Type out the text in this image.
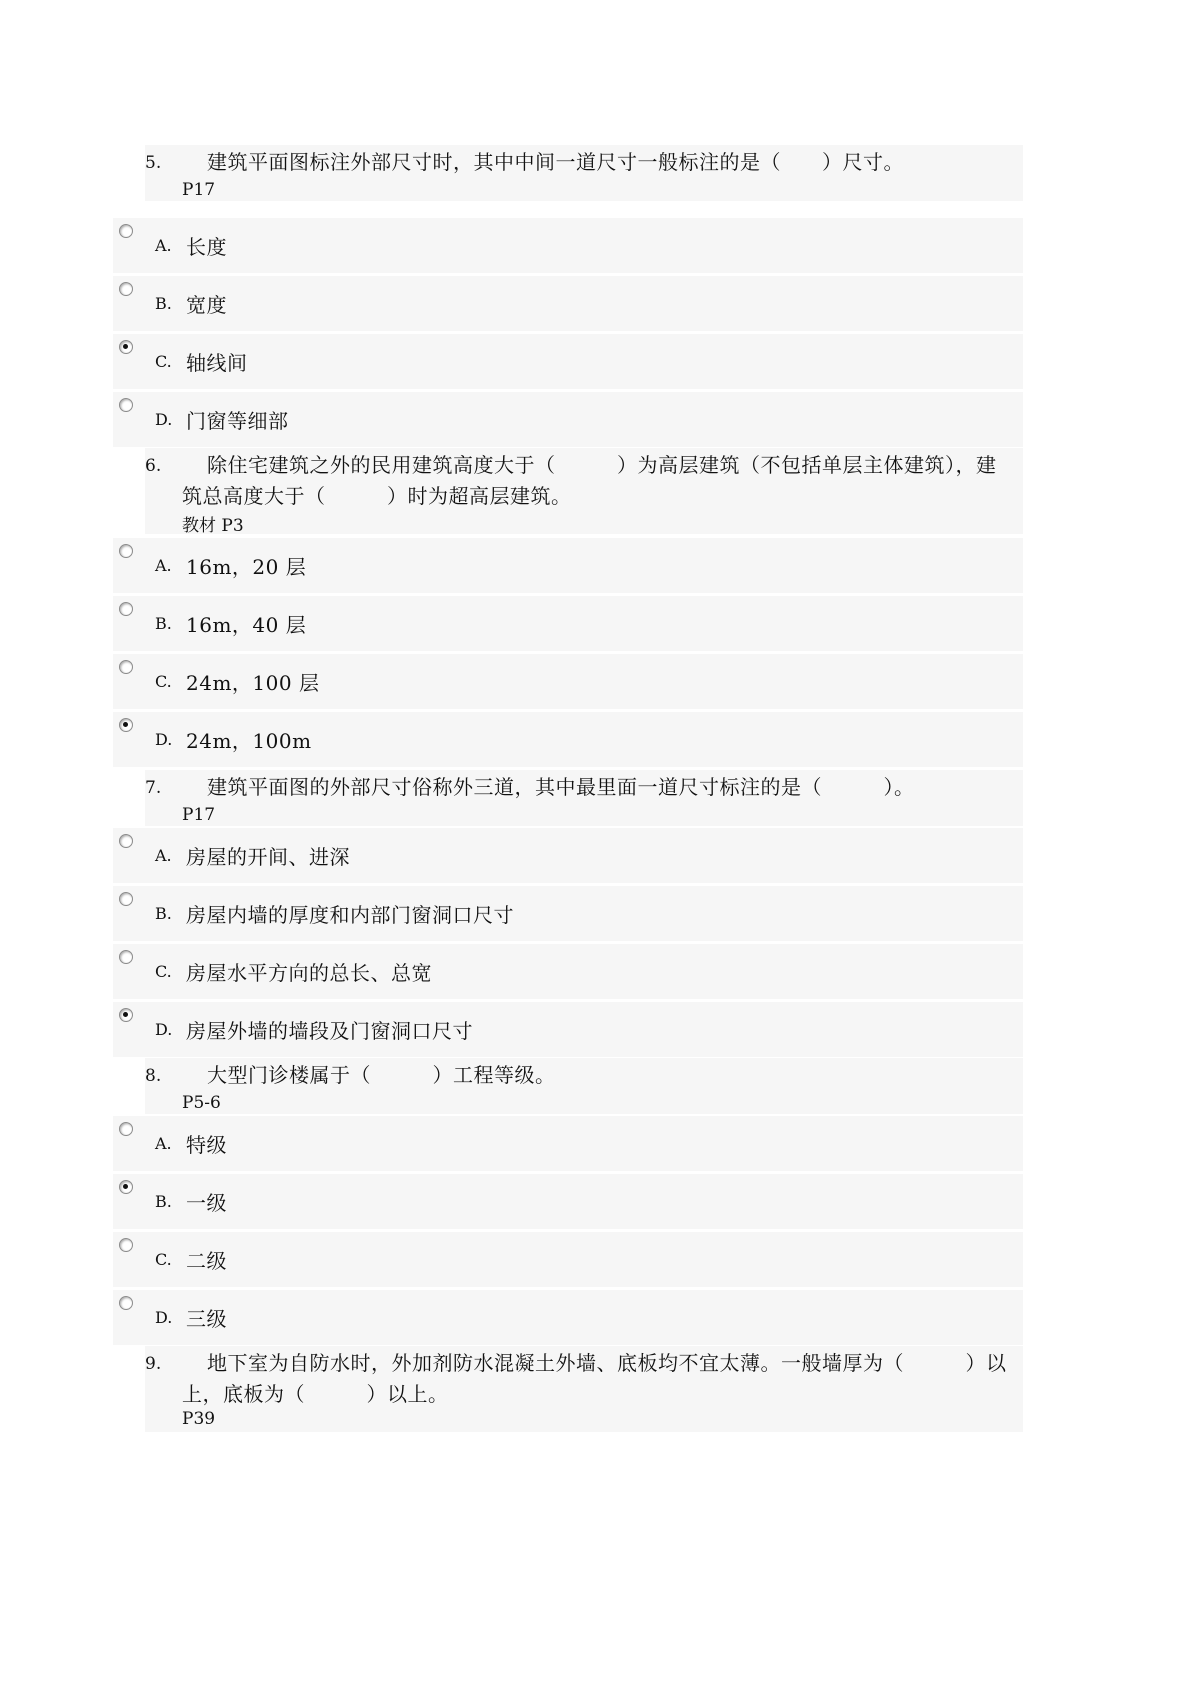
5.	建筑平面图标注外部尺寸时，其中中间一道尺寸一般标注的是（　　）尺寸。
P17
A. 长度
B. 宽度
C. 轴线间
D. 门窗等细部
6.	除住宅建筑之外的民用建筑高度大于（　　　）为高层建筑（不包括单层主体建筑），建筑总高度大于（　　　）时为超高层建筑。
教材 P3
A. 16m，20 层
B. 16m，40 层
C. 24m，100 层
D. 24m，100m
7.	建筑平面图的外部尺寸俗称外三道，其中最里面一道尺寸标注的是（　　　）。
P17
A. 房屋的开间、进深
B. 房屋内墙的厚度和内部门窗洞口尺寸
C. 房屋水平方向的总长、总宽
D. 房屋外墙的墙段及门窗洞口尺寸
8.	大型门诊楼属于（　　　）工程等级。
P5-6
A. 特级
B. 一级
C. 二级
D. 三级
9.	地下室为自防水时，外加剂防水混凝土外墙、底板均不宜太薄。一般墙厚为（　　　）以上，底板为（　　　）以上。
P39
